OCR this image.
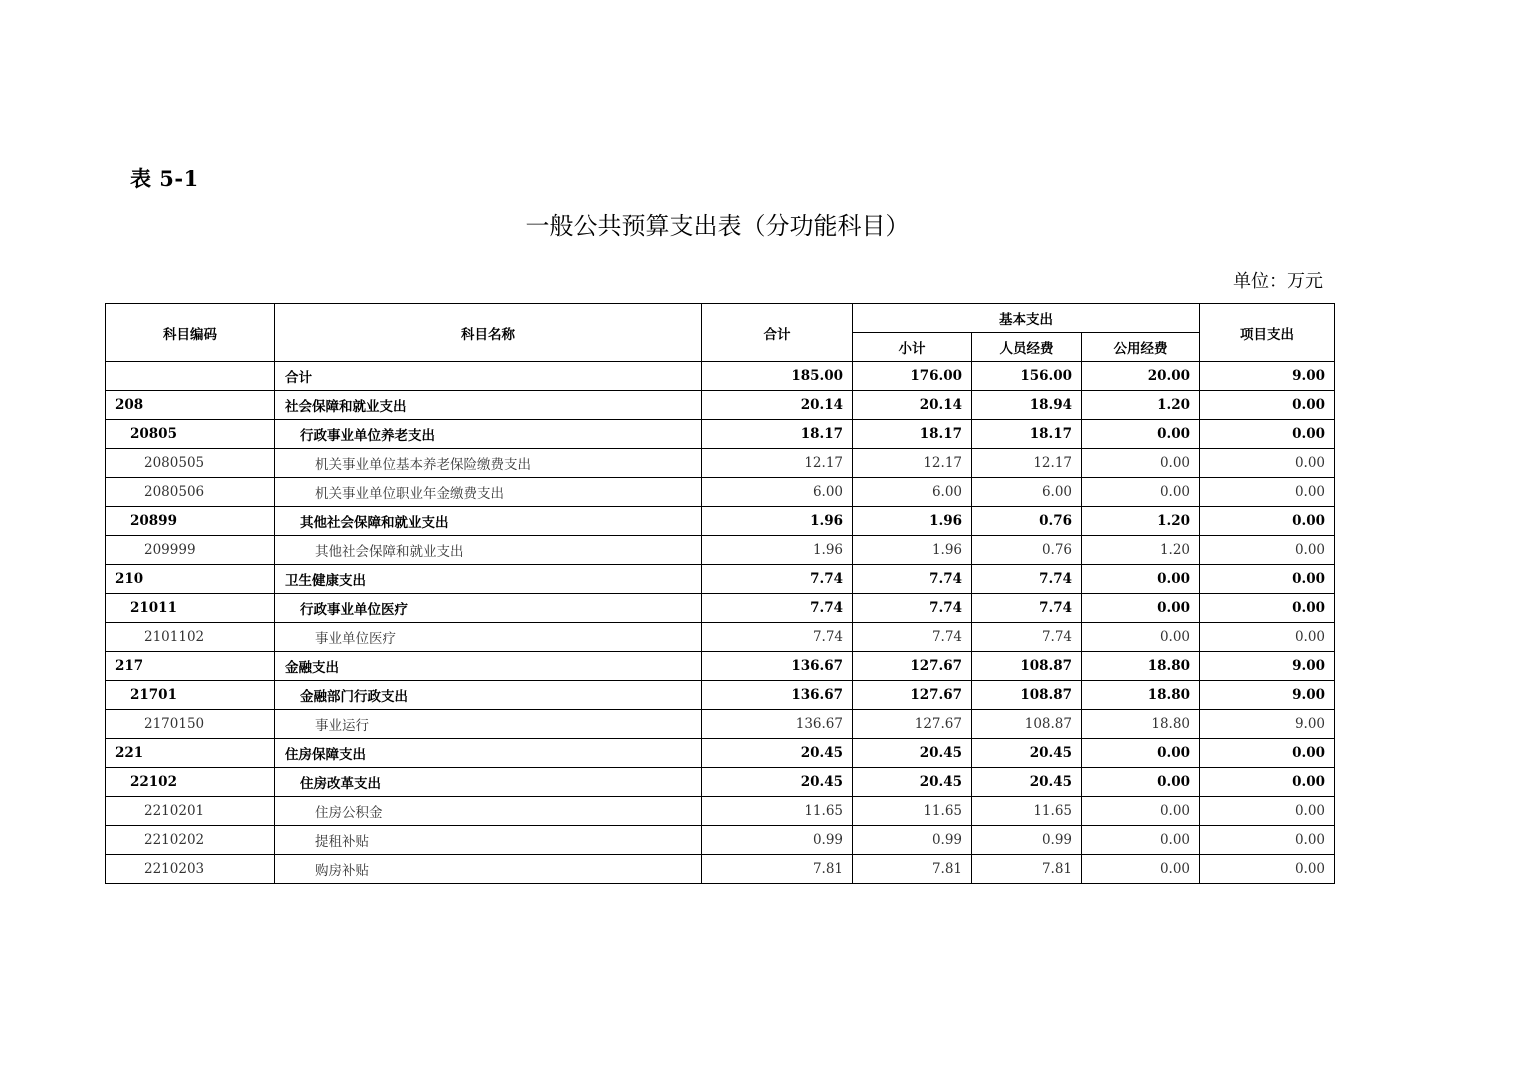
表 5-1
一般公共预算支出表（分功能科目）
单位：万元
科目编码	科目名称	合计	基本支出			项目支出
			小计	人员经费	公用经费	
	合计	185.00	176.00	156.00	20.00	9.00
208	社会保障和就业支出	20.14	20.14	18.94	1.20	0.00
20805	行政事业单位养老支出	18.17	18.17	18.17	0.00	0.00
2080505	机关事业单位基本养老保险缴费支出	12.17	12.17	12.17	0.00	0.00
2080506	机关事业单位职业年金缴费支出	6.00	6.00	6.00	0.00	0.00
20899	其他社会保障和就业支出	1.96	1.96	0.76	1.20	0.00
209999	其他社会保障和就业支出	1.96	1.96	0.76	1.20	0.00
210	卫生健康支出	7.74	7.74	7.74	0.00	0.00
21011	行政事业单位医疗	7.74	7.74	7.74	0.00	0.00
2101102	事业单位医疗	7.74	7.74	7.74	0.00	0.00
217	金融支出	136.67	127.67	108.87	18.80	9.00
21701	金融部门行政支出	136.67	127.67	108.87	18.80	9.00
2170150	事业运行	136.67	127.67	108.87	18.80	9.00
221	住房保障支出	20.45	20.45	20.45	0.00	0.00
22102	住房改革支出	20.45	20.45	20.45	0.00	0.00
2210201	住房公积金	11.65	11.65	11.65	0.00	0.00
2210202	提租补贴	0.99	0.99	0.99	0.00	0.00
2210203	购房补贴	7.81	7.81	7.81	0.00	0.00
